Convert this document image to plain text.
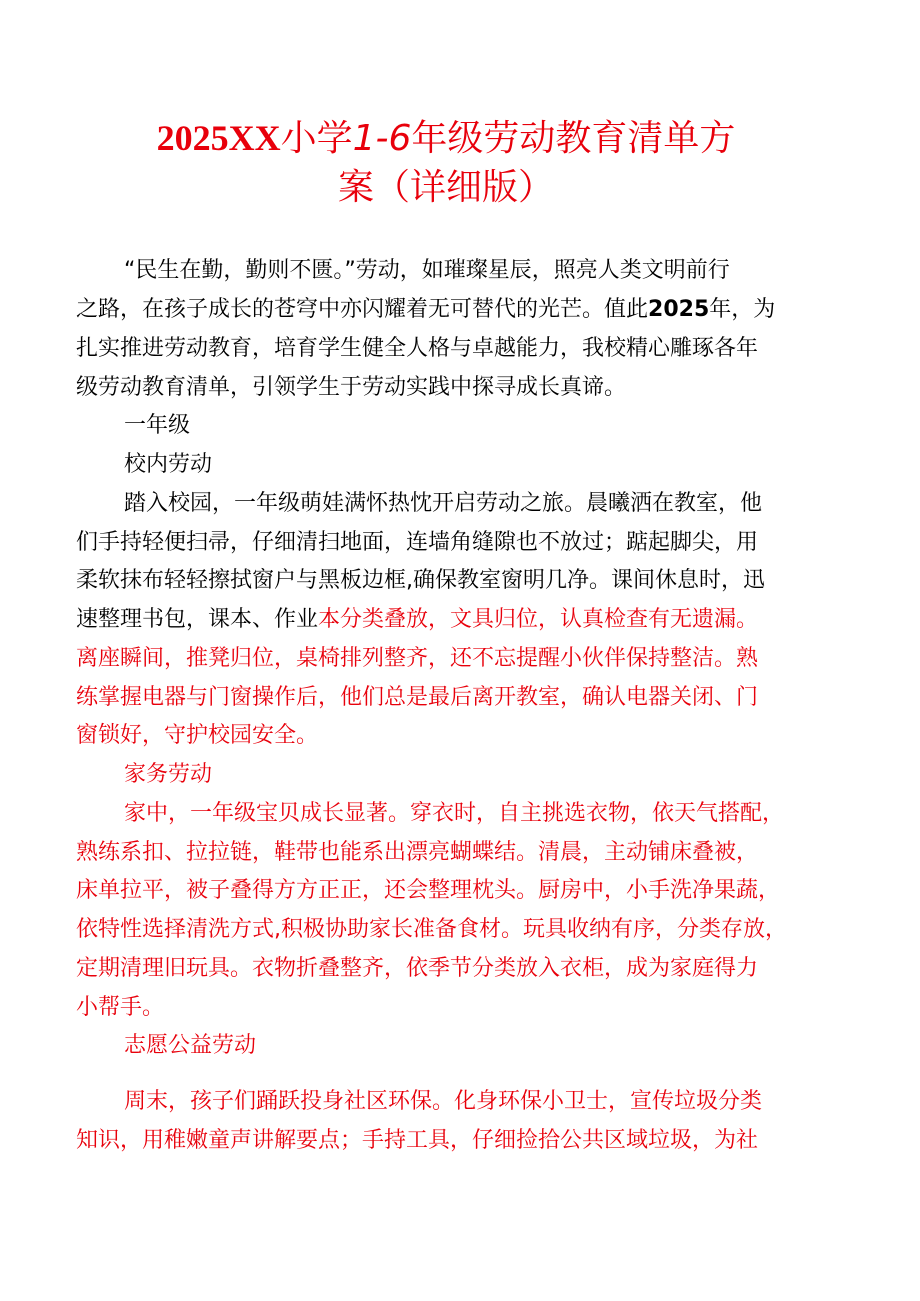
2025XX小学1-6年级劳动教育清单方
案（详细版）
“民生在勤，勤则不匮。”劳动，如璀璨星辰，照亮人类文明前行
之路，在孩子成长的苍穹中亦闪耀着无可替代的光芒。值此2025年，为
扎实推进劳动教育，培育学生健全人格与卓越能力，我校精心雕琢各年
级劳动教育清单，引领学生于劳动实践中探寻成长真谛。
一年级
校内劳动
踏入校园，一年级萌娃满怀热忱开启劳动之旅。晨曦洒在教室，他
们手持轻便扫帚，仔细清扫地面，连墙角缝隙也不放过；踮起脚尖，用
柔软抹布轻轻擦拭窗户与黑板边框,确保教室窗明几净。课间休息时，迅
速整理书包，课本、作业本分类叠放，文具归位，认真检查有无遗漏。
离座瞬间，推凳归位，桌椅排列整齐，还不忘提醒小伙伴保持整洁。熟
练掌握电器与门窗操作后，他们总是最后离开教室，确认电器关闭、门
窗锁好，守护校园安全。
家务劳动
家中，一年级宝贝成长显著。穿衣时，自主挑选衣物，依天气搭配，
熟练系扣、拉拉链，鞋带也能系出漂亮蝴蝶结。清晨，主动铺床叠被，
床单拉平，被子叠得方方正正，还会整理枕头。厨房中，小手洗净果蔬，
依特性选择清洗方式,积极协助家长准备食材。玩具收纳有序，分类存放，
定期清理旧玩具。衣物折叠整齐，依季节分类放入衣柜，成为家庭得力
小帮手。
志愿公益劳动
周末，孩子们踊跃投身社区环保。化身环保小卫士，宣传垃圾分类
知识，用稚嫩童声讲解要点；手持工具，仔细捡拾公共区域垃圾，为社
